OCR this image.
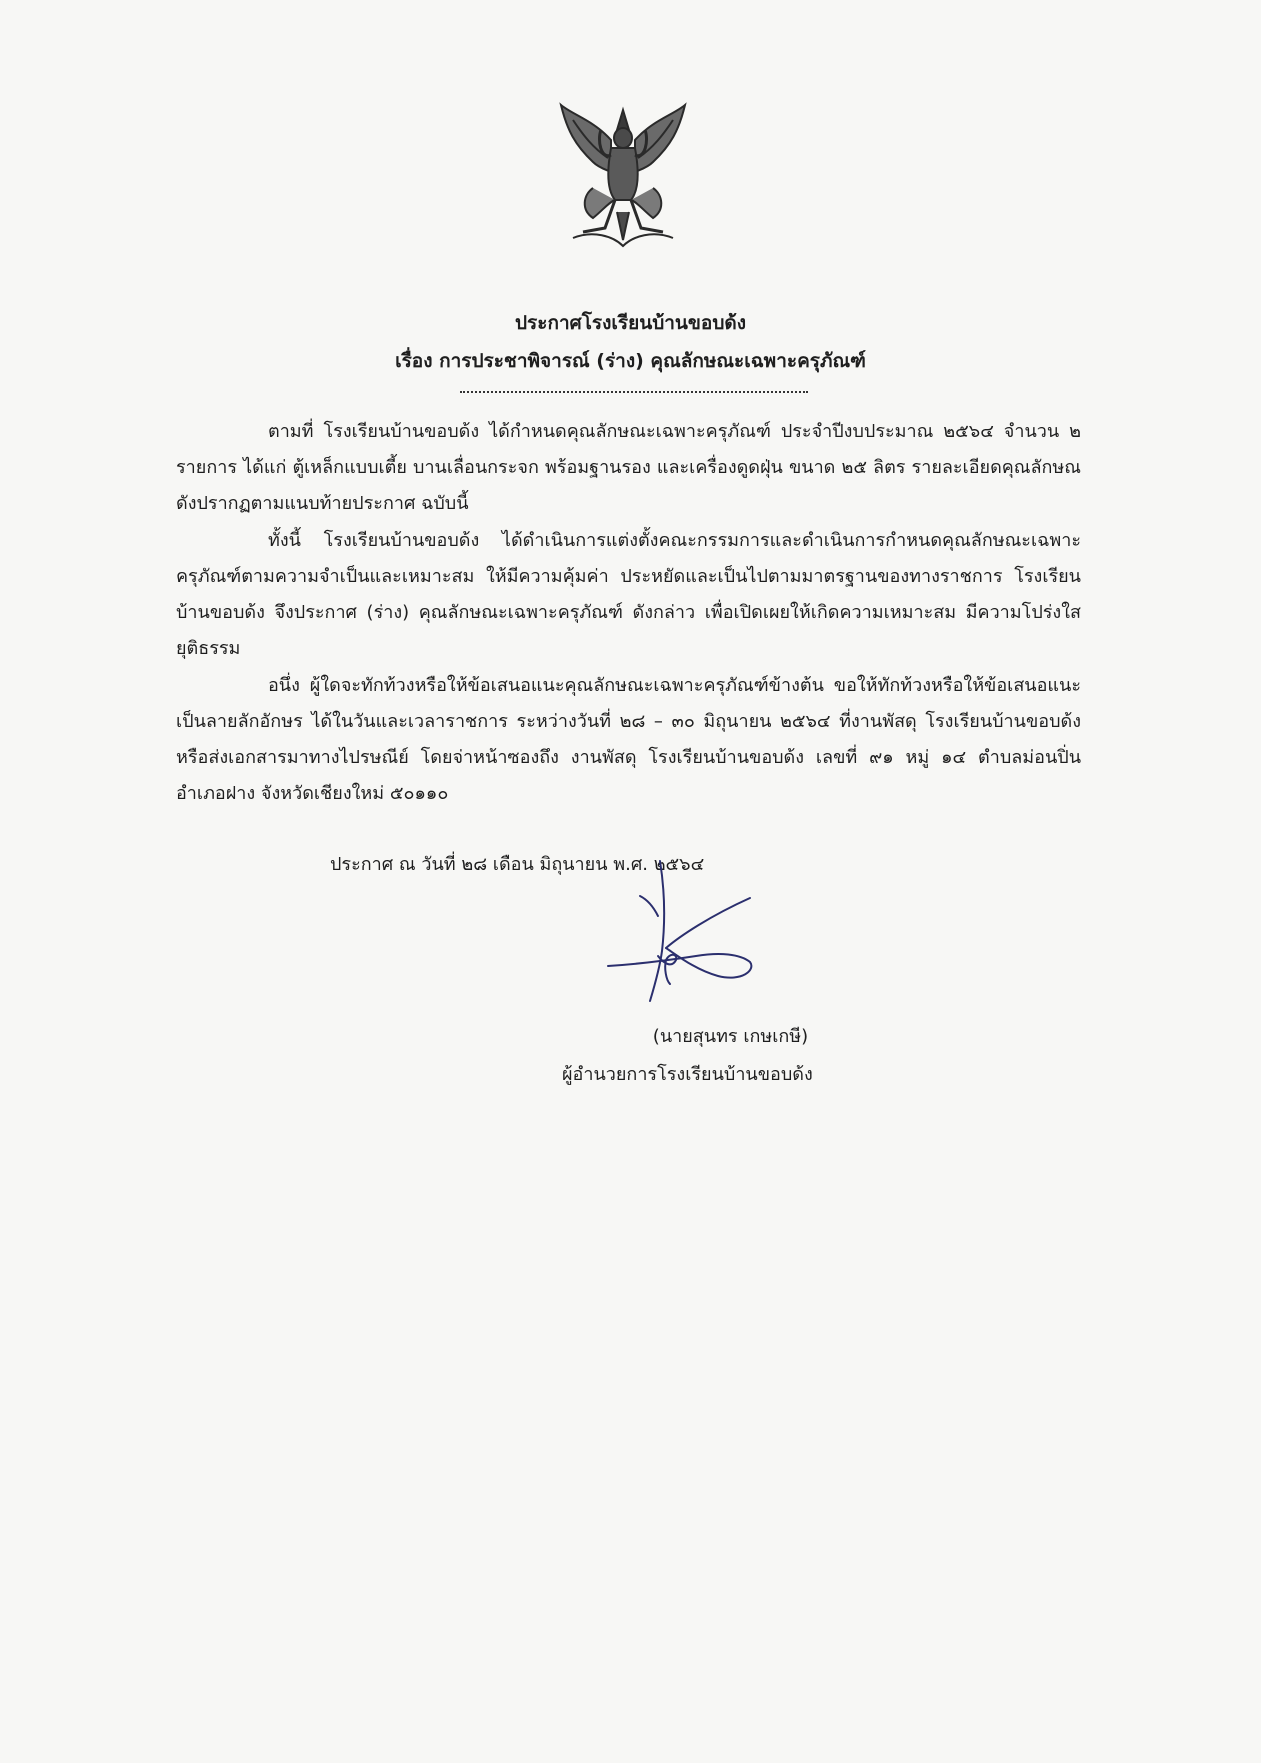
ประกาศโรงเรียนบ้านขอบด้ง
เรื่อง การประชาพิจารณ์ (ร่าง) คุณลักษณะเฉพาะครุภัณฑ์

ตามที่ โรงเรียนบ้านขอบด้ง ได้กำหนดคุณลักษณะเฉพาะครุภัณฑ์ ประจำปีงบประมาณ ๒๕๖๔ จำนวน ๒ รายการ ได้แก่ ตู้เหล็กแบบเตี้ย บานเลื่อนกระจก พร้อมฐานรอง และเครื่องดูดฝุ่น ขนาด ๒๕ ลิตร รายละเอียดคุณลักษณ ดังปรากฏตามแนบท้ายประกาศ ฉบับนี้

ทั้งนี้ โรงเรียนบ้านขอบด้ง ได้ดำเนินการแต่งตั้งคณะกรรมการและดำเนินการกำหนดคุณลักษณะเฉพาะครุภัณฑ์ตามความจำเป็นและเหมาะสม ให้มีความคุ้มค่า ประหยัดและเป็นไปตามมาตรฐานของทางราชการ โรงเรียนบ้านขอบด้ง จึงประกาศ (ร่าง) คุณลักษณะเฉพาะครุภัณฑ์ ดังกล่าว เพื่อเปิดเผยให้เกิดความเหมาะสม มีความโปร่งใส ยุติธรรม

อนึ่ง ผู้ใดจะทักท้วงหรือให้ข้อเสนอแนะคุณลักษณะเฉพาะครุภัณฑ์ข้างต้น ขอให้ทักท้วงหรือให้ข้อเสนอแนะเป็นลายลักอักษร ได้ในวันและเวลาราชการ ระหว่างวันที่ ๒๘ – ๓๐ มิถุนายน ๒๕๖๔ ที่งานพัสดุ โรงเรียนบ้านขอบด้ง หรือส่งเอกสารมาทางไปรษณีย์ โดยจ่าหน้าซองถึง งานพัสดุ โรงเรียนบ้านขอบด้ง เลขที่ ๙๑ หมู่ ๑๔ ตำบลม่อนปิ่น อำเภอฝาง จังหวัดเชียงใหม่ ๕๐๑๑๐

ประกาศ ณ วันที่ ๒๘ เดือน มิถุนายน พ.ศ. ๒๕๖๔
(นายสุนทร เกษเกษี)
ผู้อำนวยการโรงเรียนบ้านขอบด้ง
